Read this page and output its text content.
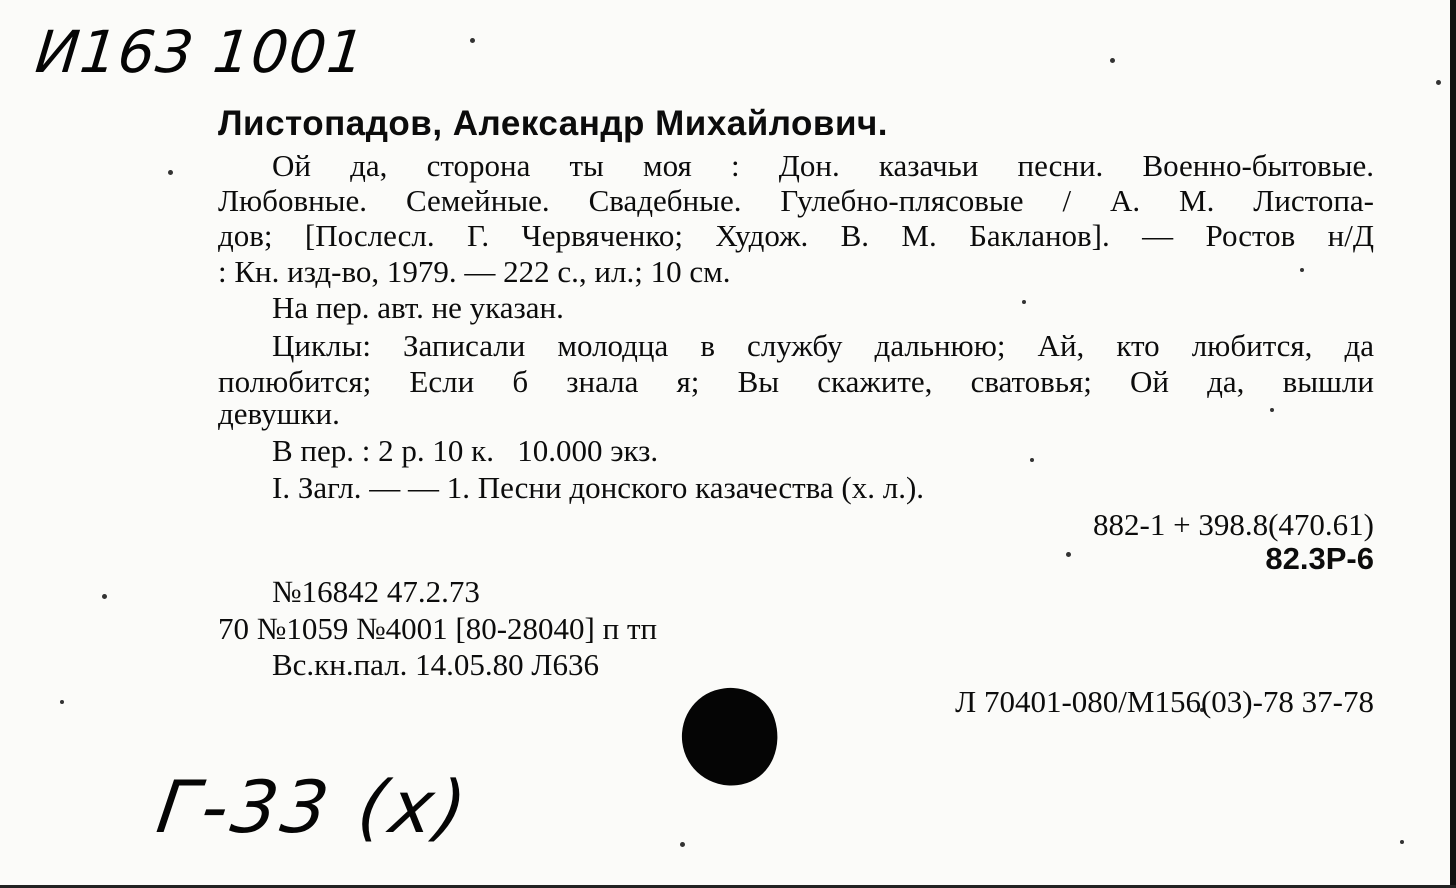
И163 1001
Листопадов, Александр Михайлович.
Ой да, сторона ты моя : Дон. казачьи песни. Военно-бытовые.
Любовные. Семейные. Свадебные. Гулебно-плясовые / А. М. Листопа-
дов; [Послесл. Г. Червяченко; Худож. В. М. Бакланов]. — Ростов н/Д
: Кн. изд-во, 1979. — 222 с., ил.; 10 см.
На пер. авт. не указан.
Циклы: Записали молодца в службу дальнюю; Ай, кто любится, да
полюбится; Если б знала я; Вы скажите, сватовья; Ой да, вышли
девушки.
В пер. : 2 р. 10 к.   10.000 экз.
I. Загл. — — 1. Песни донского казачества (х. л.).
882-1 + 398.8(470.61)
82.3Р-6
№16842 47.2.73
70 №1059 №4001 [80-28040] п тп
Вс.кн.пал. 14.05.80 Л636
Л 70401-080/М156(03)-78 37-78
Г-33 (х)
